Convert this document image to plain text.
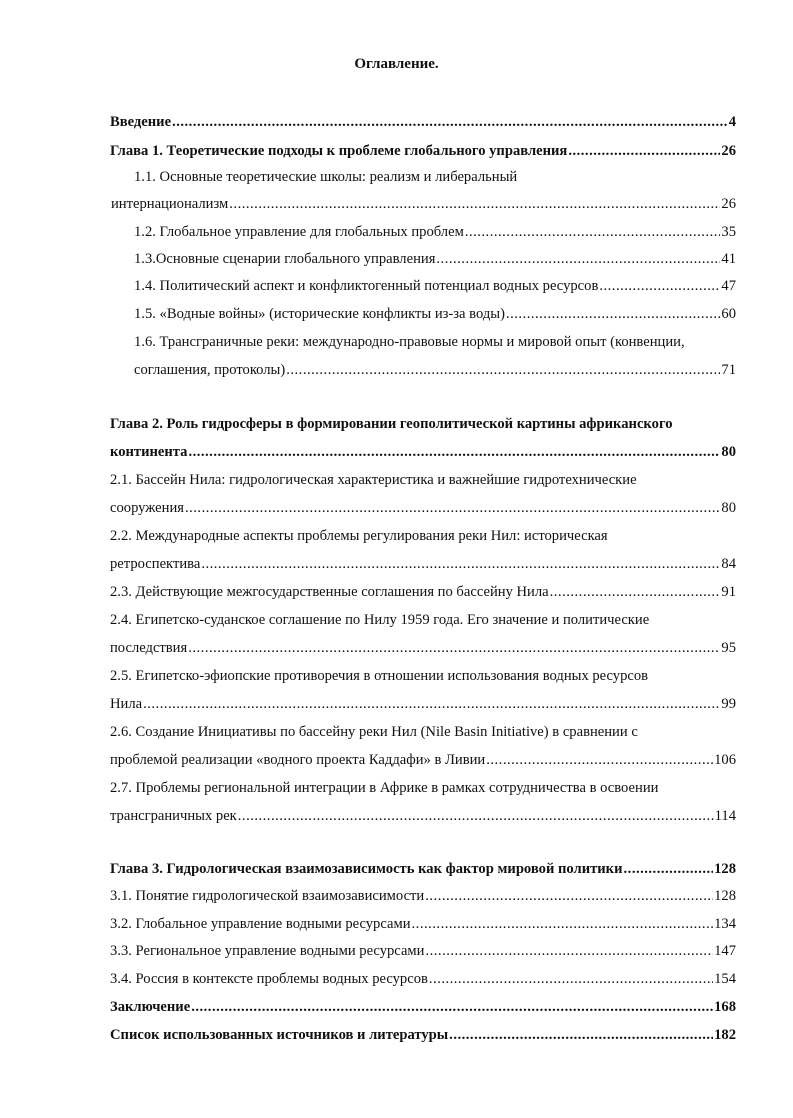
Оглавление.
Введение .....	4
Глава 1. Теоретические подходы к проблеме глобального управления .....	26
1.1. Основные теоретические школы: реализм и либеральный
интернационализм .....	26
1.2. Глобальное управление для глобальных проблем .....	35
1.3.Основные сценарии глобального управления .....	41
1.4. Политический аспект и конфликтогенный потенциал водных ресурсов .....	47
1.5. «Водные войны» (исторические конфликты из-за воды) .....	60
1.6. Трансграничные реки: международно-правовые нормы и мировой опыт (конвенции,
соглашения, протоколы) .....	71
Глава 2. Роль гидросферы в формировании геополитической картины африканского
континента .....	80
2.1. Бассейн Нила: гидрологическая характеристика и важнейшие гидротехнические
сооружения .....	80
2.2. Международные аспекты проблемы регулирования реки Нил: историческая
ретроспектива .....	84
2.3. Действующие межгосударственные соглашения по бассейну Нила .....	91
2.4. Египетско-суданское соглашение по Нилу 1959 года. Его значение и политические
последствия .....	95
2.5. Египетско-эфиопские противоречия в отношении использования водных ресурсов
Нила .....	99
2.6. Создание Инициативы по бассейну реки Нил (Nile Basin Initiative) в сравнении с
проблемой реализации «водного проекта Каддафи» в Ливии .....	106
2.7. Проблемы региональной интеграции в Африке в рамках сотрудничества в освоении
трансграничных рек .....	114
Глава 3. Гидрологическая взаимозависимость как фактор мировой политики .....	128
3.1. Понятие гидрологической взаимозависимости .....	128
3.2. Глобальное управление водными ресурсами .....	134
3.3. Региональное управление водными ресурсами .....	147
3.4. Россия в контексте проблемы водных ресурсов .....	154
Заключение .....	168
Список использованных источников и литературы .....	182
